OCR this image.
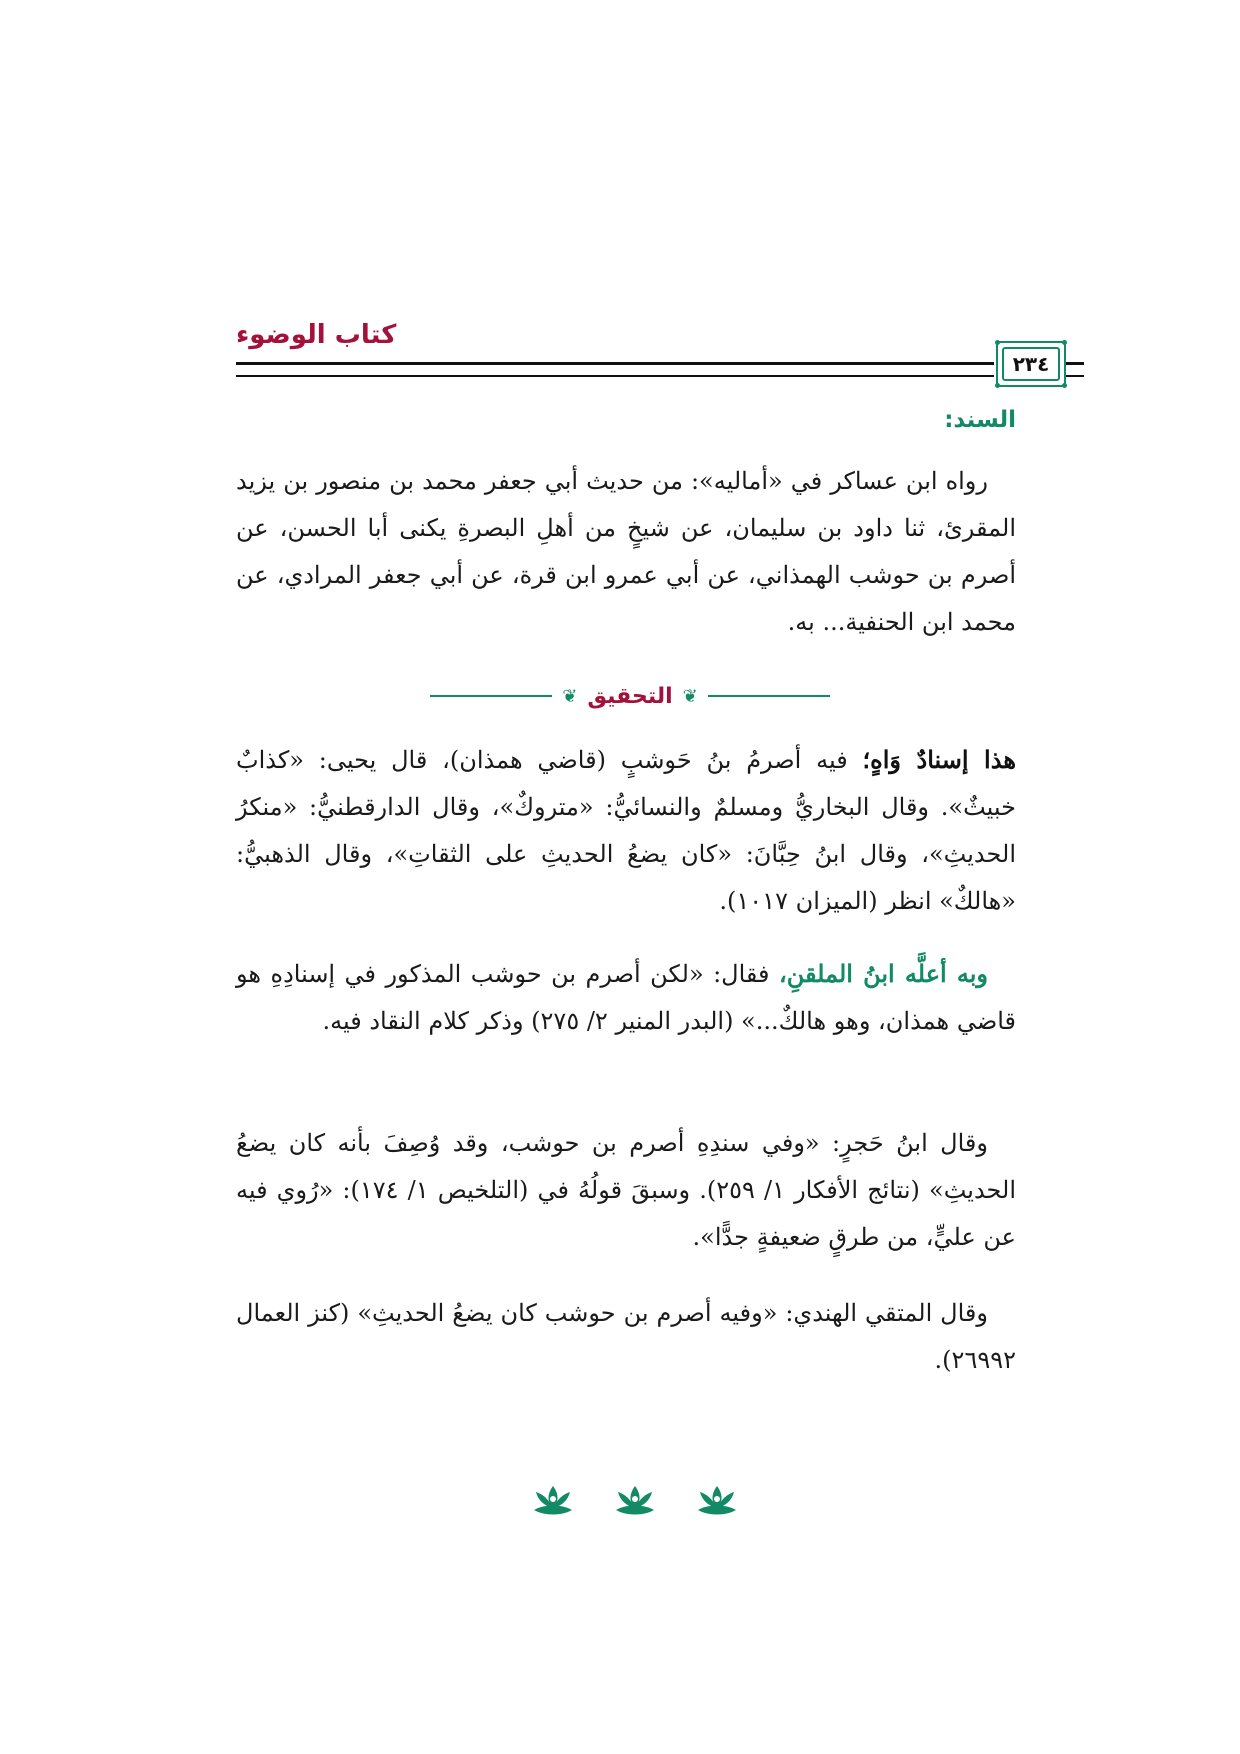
كتاب الوضوء
٢٣٤
السند:

رواه ابن عساكر في «أماليه»: من حديث أبي جعفر محمد بن منصور بن يزيد المقرئ، ثنا داود بن سليمان، عن شيخٍ من أهلِ البصرةِ يكنى أبا الحسن، عن أصرم بن حوشب الهمذاني، عن أبي عمرو ابن قرة، عن أبي جعفر المرادي، عن محمد ابن الحنفية... به.

❦
التحقيق
❦

هذا إسنادٌ وَاهٍ؛ فيه أصرمُ بنُ حَوشبٍ (قاضي همذان)، قال يحيى: «كذابٌ خبيثٌ». وقال البخاريُّ ومسلمٌ والنسائيُّ: «متروكٌ»، وقال الدارقطنيُّ: «منكرُ الحديثِ»، وقال ابنُ حِبَّانَ: «كان يضعُ الحديثِ على الثقاتِ»، وقال الذهبيُّ: «هالكٌ» انظر (الميزان ١٠١٧).

وبه أعلَّه ابنُ الملقنِ، فقال: «لكن أصرم بن حوشب المذكور في إسنادِهِ هو قاضي همذان، وهو هالكٌ...» (البدر المنير ٢/ ٢٧٥) وذكر كلام النقاد فيه.

وقال ابنُ حَجرٍ: «وفي سندِهِ أصرم بن حوشب، وقد وُصِفَ بأنه كان يضعُ الحديثِ» (نتائج الأفكار ١/ ٢٥٩). وسبقَ قولُهُ في (التلخيص ١/ ١٧٤): «رُوي فيه عن عليٍّ، من طرقٍ ضعيفةٍ جدًّا».

وقال المتقي الهندي: «وفيه أصرم بن حوشب كان يضعُ الحديثِ» (كنز العمال ٢٦٩٩٢).
